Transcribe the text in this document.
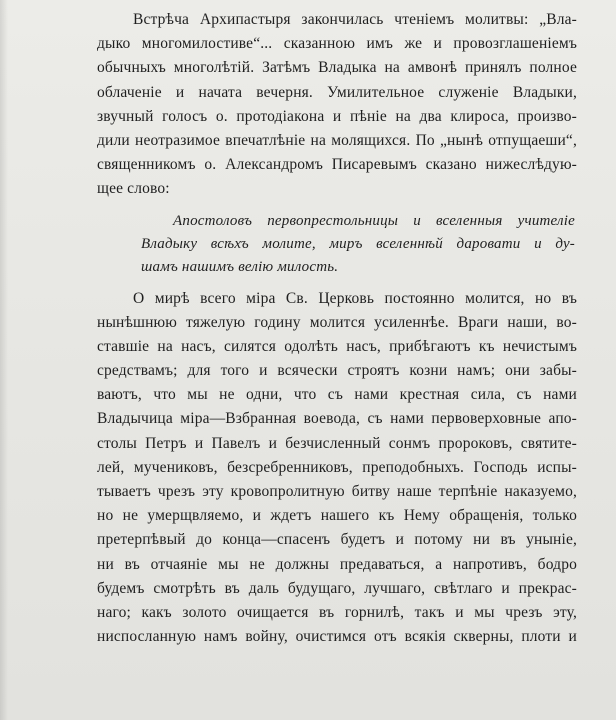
Встрѣча Архипастыря закончилась чтеніемъ молитвы: „Вла-
дыко многомилостиве“... сказанною имъ же и провозглашеніемъ
обычныхъ многолѣтій. Затѣмъ Владыка на амвонѣ принялъ полное
облаченіе и начата вечерня. Умилительное служеніе Владыки,
звучный голосъ о. протодіакона и пѣніе на два клироса, произво-
дили неотразимое впечатлѣніе на молящихся. По „нынѣ отпущаеши“,
священникомъ о. Александромъ Писаревымъ сказано нижеслѣдую-
щее слово:
Апостоловъ первопрестольницы и вселенныя учителіе
Владыку всѣхъ молите, миръ вселеннѣй даровати и ду-
шамъ нашимъ велію милость.
О мирѣ всего міра Св. Церковь постоянно молится, но въ
нынѣшнюю тяжелую годину молится усиленнѣе. Враги наши, во-
ставшіе на насъ, силятся одолѣть насъ, прибѣгаютъ къ нечистымъ
средствамъ; для того и всячески строятъ козни намъ; они забы-
ваютъ, что мы не одни, что съ нами крестная сила, съ нами
Владычица міра—Взбранная воевода, съ нами первоверховные апо-
столы Петръ и Павелъ и безчисленный сонмъ пророковъ, святите-
лей, мучениковъ, безсребренниковъ, преподобныхъ. Господь испы-
тываетъ чрезъ эту кровопролитную битву наше терпѣніе наказуемо,
но не умерщвляемо, и ждетъ нашего къ Нему обращенія, только
претерпѣвый до конца—спасенъ будетъ и потому ни въ уныніе,
ни въ отчаяніе мы не должны предаваться, а напротивъ, бодро
будемъ смотрѣть въ даль будущаго, лучшаго, свѣтлаго и прекрас-
наго; какъ золото очищается въ горнилѣ, такъ и мы чрезъ эту,
ниспосланную намъ войну, очистимся отъ всякія скверны, плоти и
